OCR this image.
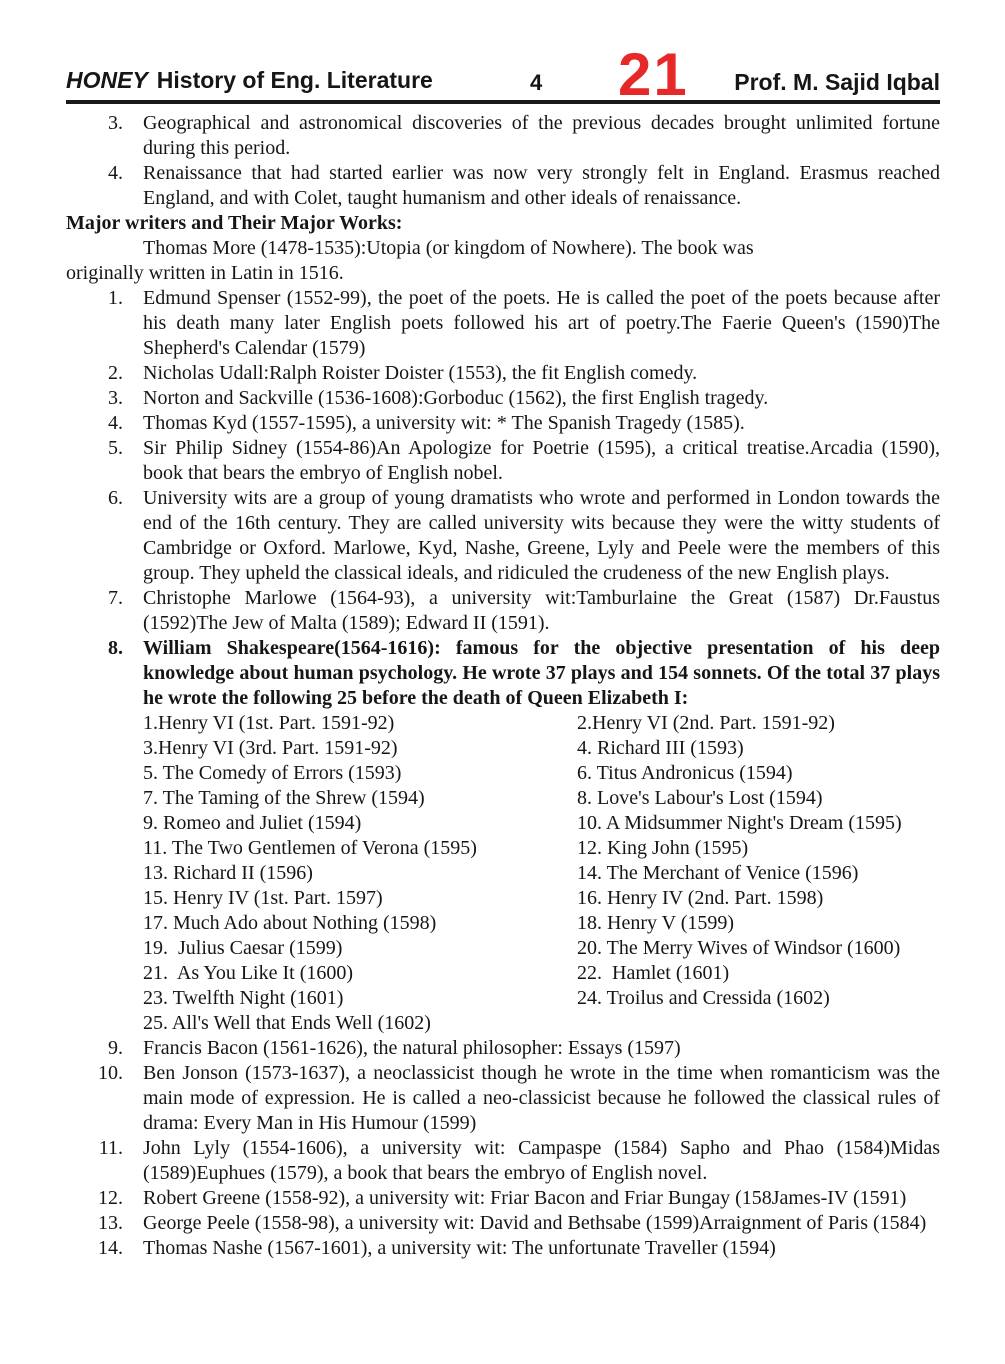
HONEY History of Eng. Literature	4 21 Prof. M. Sajid Iqbal
3. Geographical and astronomical discoveries of the previous decades brought unlimited fortune during this period.
4. Renaissance that had started earlier was now very strongly felt in England. Erasmus reached England, and with Colet, taught humanism and other ideals of renaissance.
Major writers and Their Major Works:
Thomas More (1478-1535):Utopia (or kingdom of Nowhere). The book was
originally written in Latin in 1516.
1. Edmund Spenser (1552-99), the poet of the poets. He is called the poet of the poets because after his death many later English poets followed his art of poetry.The Faerie Queen's (1590)The Shepherd's Calendar (1579)
2. Nicholas Udall:Ralph Roister Doister (1553), the fit English comedy.
3. Norton and Sackville (1536-1608):Gorboduc (1562), the first English tragedy.
4. Thomas Kyd (1557-1595), a university wit: * The Spanish Tragedy (1585).
5. Sir Philip Sidney (1554-86)An Apologize for Poetrie (1595), a critical treatise.Arcadia (1590), book that bears the embryo of English nobel.
6. University wits are a group of young dramatists who wrote and performed in London towards the end of the 16th century. They are called university wits because they were the witty students of Cambridge or Oxford. Marlowe, Kyd, Nashe, Greene, Lyly and Peele were the members of this group. They upheld the classical ideals, and ridiculed the crudeness of the new English plays.
7. Christophe Marlowe (1564-93), a university wit:Tamburlaine the Great (1587) Dr.Faustus (1592)The Jew of Malta (1589); Edward II (1591).
8. William Shakespeare(1564-1616): famous for the objective presentation of his deep knowledge about human psychology. He wrote 37 plays and 154 sonnets. Of the total 37 plays he wrote the following 25 before the death of Queen Elizabeth I:
1.Henry VI (1st. Part. 1591-92)
3.Henry VI (3rd. Part. 1591-92)
5. The Comedy of Errors (1593)
7. The Taming of the Shrew (1594)
9. Romeo and Juliet (1594)
11. The Two Gentlemen of Verona (1595)
13. Richard II (1596)
15. Henry IV (1st. Part. 1597)
17. Much Ado about Nothing (1598)
19.  Julius Caesar (1599)
21.  As You Like It (1600)
23. Twelfth Night (1601)
25. All's Well that Ends Well (1602)
2.Henry VI (2nd. Part. 1591-92)
4. Richard III (1593)
6. Titus Andronicus (1594)
8. Love's Labour's Lost (1594)
10. A Midsummer Night's Dream (1595)
12. King John (1595)
14. The Merchant of Venice (1596)
16. Henry IV (2nd. Part. 1598)
18. Henry V (1599)
20. The Merry Wives of Windsor (1600)
22.  Hamlet (1601)
24. Troilus and Cressida (1602)
9. Francis Bacon (1561-1626), the natural philosopher: Essays (1597)
10. Ben Jonson (1573-1637), a neoclassicist though he wrote in the time when romanticism was the main mode of expression. He is called a neo-classicist because he followed the classical rules of drama: Every Man in His Humour (1599)
11. John Lyly (1554-1606), a university wit: Campaspe (1584) Sapho and Phao (1584)Midas (1589)Euphues (1579), a book that bears the embryo of English novel.
12. Robert Greene (1558-92), a university wit: Friar Bacon and Friar Bungay (158James-IV (1591)
13. George Peele (1558-98), a university wit: David and Bethsabe (1599)Arraignment of Paris (1584)
14. Thomas Nashe (1567-1601), a university wit: The unfortunate Traveller (1594)
